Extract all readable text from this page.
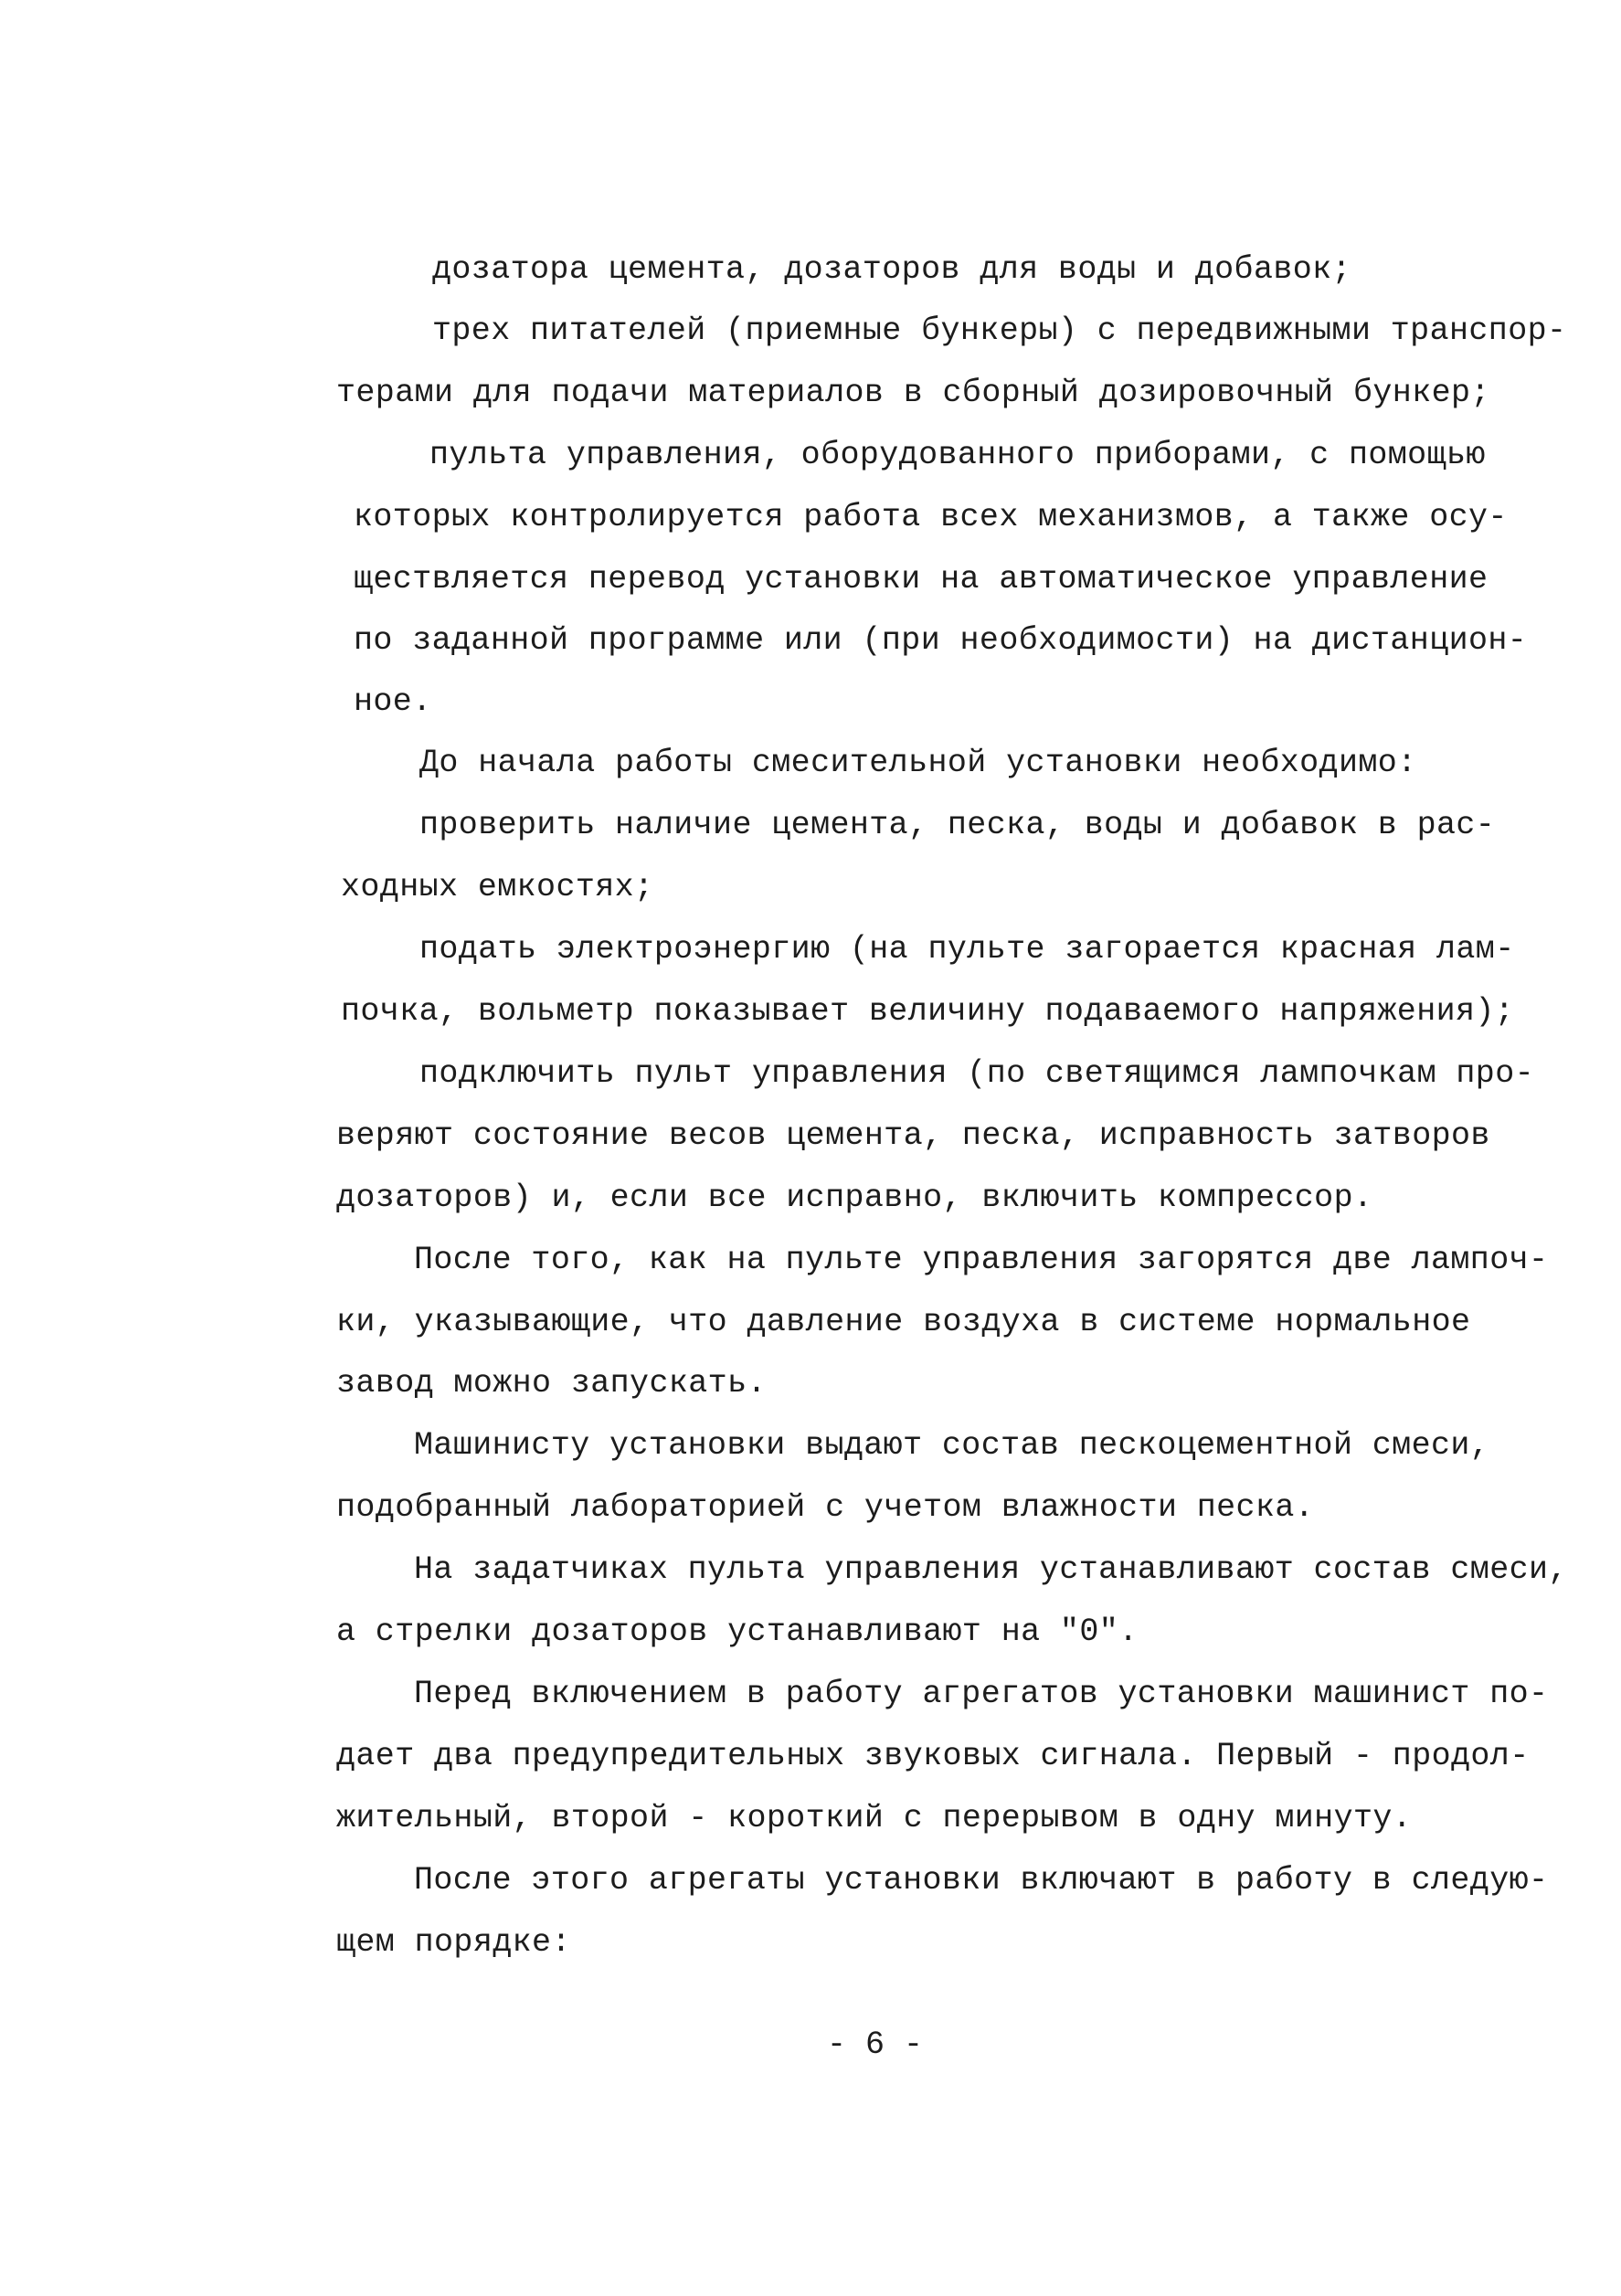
дозатора цемента, дозаторов для воды и добавок;
трех питателей (приемные бункеры) с передвижными транспор-
терами для подачи материалов в сборный дозировочный бункер;
пульта управления, оборудованного приборами, с помощью
которых контролируется работа всех механизмов, а также осу-
ществляется перевод установки на автоматическое управление
по заданной программе или (при необходимости) на дистанцион-
ное.
До начала работы смесительной установки необходимо:
проверить наличие цемента, песка, воды и добавок в рас-
ходных емкостях;
подать электроэнергию (на пульте загорается красная лам-
почка, вольметр показывает величину подаваемого напряжения);
подключить пульт управления (по светящимся лампочкам про-
веряют состояние весов цемента, песка, исправность затворов
дозаторов) и, если все исправно, включить компрессор.
После того, как на пульте управления загорятся две лампоч-
ки, указывающие, что давление воздуха в системе нормальное
завод можно запускать.
Машинисту установки выдают состав пескоцементной смеси,
подобранный лабораторией с учетом влажности песка.
На задатчиках пульта управления устанавливают состав смеси,
а стрелки дозаторов устанавливают на "0".
Перед включением в работу агрегатов установки машинист по-
дает два предупредительных звуковых сигнала. Первый - продол-
жительный, второй - короткий с перерывом в одну минуту.
После этого агрегаты установки включают в работу в следую-
щем порядке:
- 6 -
